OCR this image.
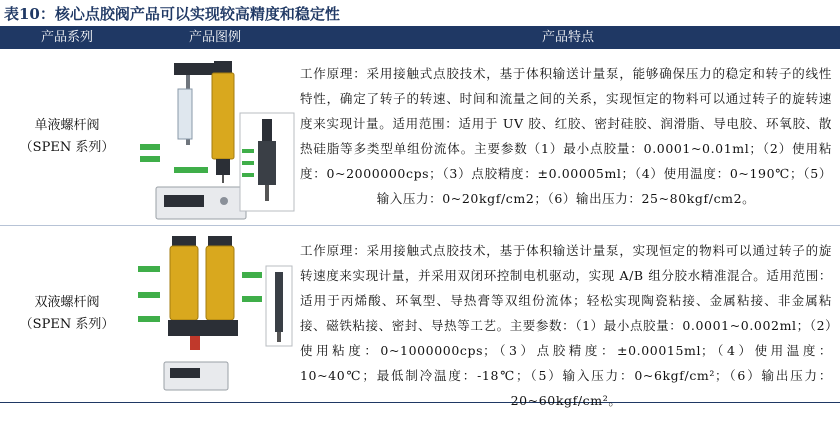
表10：核心点胶阀产品可以实现较高精度和稳定性
产品系列	产品图例	产品特点
单液螺杆阀
（SPEN 系列）
工作原理：采用接触式点胶技术，基于体积输送计量泵，能够确保压力的稳定和转子的线性特性，确定了转子的转速、时间和流量之间的关系，实现恒定的物料可以通过转子的旋转速度来实现计量。适用范围：适用于 UV 胶、红胶、密封硅胶、润滑脂、导电胶、环氧胶、散热硅脂等多类型单组份流体。主要参数（1）最小点胶量：0.0001~0.01ml；（2）使用粘度：0~2000000cps；（3）点胶精度：±0.00005ml；（4）使用温度：0~190℃；（5）输入压力：0~20kgf/cm2；（6）输出压力：25~80kgf/cm2。
双液螺杆阀
（SPEN 系列）
工作原理：采用接触式点胶技术，基于体积输送计量泵，实现恒定的物料可以通过转子的旋转速度来实现计量，并采用双闭环控制电机驱动，实现 A/B 组分胶水精准混合。适用范围：适用于丙烯酸、环氧型、导热膏等双组份流体；轻松实现陶瓷粘接、金属粘接、非金属粘接、磁铁粘接、密封、导热等工艺。主要参数：（1）最小点胶量：0.0001~0.002ml；（2）使用粘度：0~1000000cps；（3）点胶精度：±0.00015ml；（4）使用温度：10~40℃；最低制冷温度：-18℃；（5）输入压力：0~6kgf/cm²；（6）输出压力：20~60kgf/cm²。
